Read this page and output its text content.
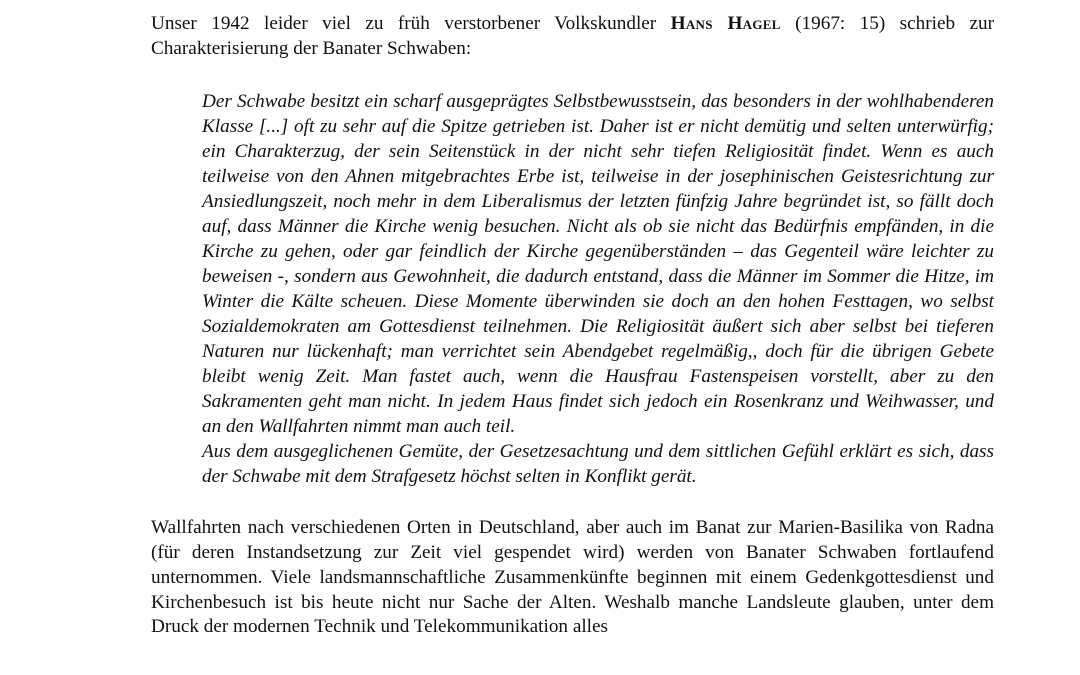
Unser 1942 leider viel zu früh verstorbener Volkskundler Hans Hagel (1967: 15) schrieb zur Charakterisierung der Banater Schwaben:

Der Schwabe besitzt ein scharf ausgeprägtes Selbstbewusstsein, das besonders in der wohlhabenderen Klasse [...] oft zu sehr auf die Spitze getrieben ist. Daher ist er nicht demütig und selten unterwürfig; ein Charakterzug, der sein Seitenstück in der nicht sehr tiefen Religiosität findet. Wenn es auch teilweise von den Ahnen mitgebrachtes Erbe ist, teilweise in der josephinischen Geistesrichtung zur Ansiedlungszeit, noch mehr in dem Liberalismus der letzten fünfzig Jahre begründet ist, so fällt doch auf, dass Männer die Kirche wenig besuchen. Nicht als ob sie nicht das Bedürfnis empfänden, in die Kirche zu gehen, oder gar feindlich der Kirche gegenüberständen – das Gegenteil wäre leichter zu beweisen -, sondern aus Gewohnheit, die dadurch entstand, dass die Männer im Sommer die Hitze, im Winter die Kälte scheuen. Diese Momente überwinden sie doch an den hohen Festtagen, wo selbst Sozialdemokraten am Gottesdienst teilnehmen. Die Religiosität äußert sich aber selbst bei tieferen Naturen nur lückenhaft; man verrichtet sein Abendgebet regelmäßig,, doch für die übrigen Gebete bleibt wenig Zeit. Man fastet auch, wenn die Hausfrau Fastenspeisen vorstellt, aber zu den Sakramenten geht man nicht. In jedem Haus findet sich jedoch ein Rosenkranz und Weihwasser, und an den Wallfahrten nimmt man auch teil.

Aus dem ausgeglichenen Gemüte, der Gesetzesachtung und dem sittlichen Gefühl erklärt es sich, dass der Schwabe mit dem Strafgesetz höchst selten in Konflikt gerät.

Wallfahrten nach verschiedenen Orten in Deutschland, aber auch im Banat zur Marien-Basilika von Radna (für deren Instandsetzung zur Zeit viel gespendet wird) werden von Banater Schwaben fortlaufend unternommen. Viele landsmannschaftliche Zusammenkünfte beginnen mit einem Gedenkgottesdienst und Kirchenbesuch ist bis heute nicht nur Sache der Alten. Weshalb manche Landsleute glauben, unter dem Druck der modernen Technik und Telekommunikation alles
